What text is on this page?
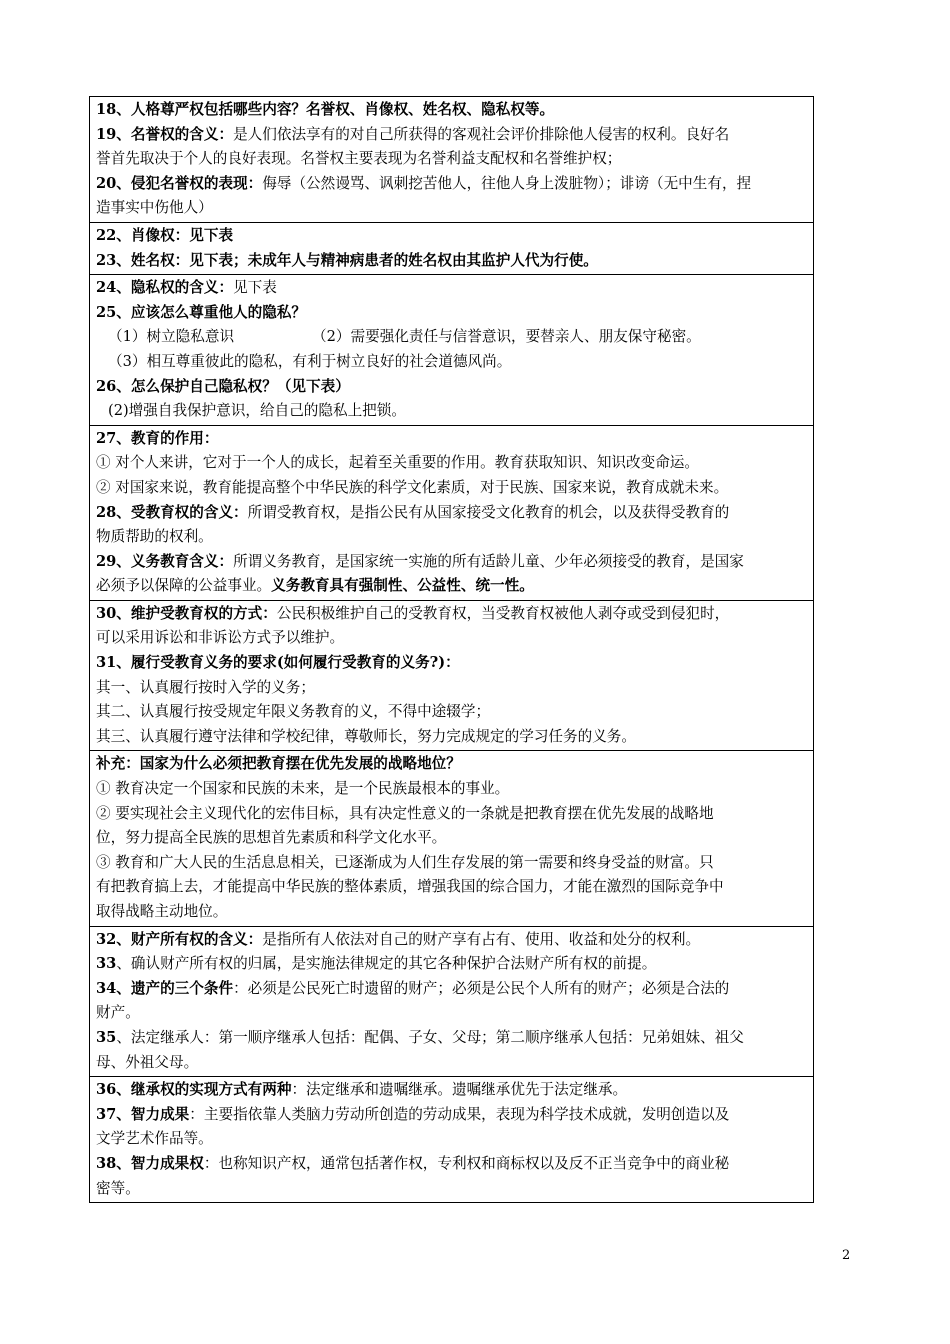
18、人格尊严权包括哪些内容？名誉权、肖像权、姓名权、隐私权等。

19、名誉权的含义：是人们依法享有的对自己所获得的客观社会评价排除他人侵害的权利。良好名

誉首先取决于个人的良好表现。名誉权主要表现为名誉利益支配权和名誉维护权；

20、侵犯名誉权的表现：侮辱（公然谩骂、讽刺挖苦他人，往他人身上泼脏物）；诽谤（无中生有，捏

造事实中伤他人）

22、肖像权：见下表

23、姓名权：见下表；未成年人与精神病患者的姓名权由其监护人代为行使。

24、隐私权的含义：见下表

25、应该怎么尊重他人的隐私？

（1）树立隐私意识	（2）需要强化责任与信誉意识，要替亲人、朋友保守秘密。

（3）相互尊重彼此的隐私，有利于树立良好的社会道德风尚。

26、怎么保护自己隐私权？（见下表）

(2)增强自我保护意识，给自己的隐私上把锁。

27、教育的作用：

① 对个人来讲，它对于一个人的成长，起着至关重要的作用。教育获取知识、知识改变命运。

② 对国家来说，教育能提高整个中华民族的科学文化素质，对于民族、国家来说，教育成就未来。

28、受教育权的含义：所谓受教育权，是指公民有从国家接受文化教育的机会，以及获得受教育的

物质帮助的权利。

29、义务教育含义：所谓义务教育，是国家统一实施的所有适龄儿童、少年必须接受的教育，是国家

必须予以保障的公益事业。义务教育具有强制性、公益性、统一性。

30、维护受教育权的方式：公民积极维护自己的受教育权，当受教育权被他人剥夺或受到侵犯时，

可以采用诉讼和非诉讼方式予以维护。

31、履行受教育义务的要求(如何履行受教育的义务?)：

其一、认真履行按时入学的义务；

其二、认真履行按受规定年限义务教育的义，不得中途辍学；

其三、认真履行遵守法律和学校纪律，尊敬师长，努力完成规定的学习任务的义务。

补充：国家为什么必须把教育摆在优先发展的战略地位？

① 教育决定一个国家和民族的未来，是一个民族最根本的事业。

② 要实现社会主义现代化的宏伟目标，具有决定性意义的一条就是把教育摆在优先发展的战略地

位，努力提高全民族的思想首先素质和科学文化水平。

③ 教育和广大人民的生活息息相关，已逐渐成为人们生存发展的第一需要和终身受益的财富。只

有把教育搞上去，才能提高中华民族的整体素质，增强我国的综合国力，才能在激烈的国际竞争中

取得战略主动地位。

32、财产所有权的含义：是指所有人依法对自己的财产享有占有、使用、收益和处分的权利。

33、确认财产所有权的归属，是实施法律规定的其它各种保护合法财产所有权的前提。

34、遗产的三个条件：必须是公民死亡时遗留的财产；必须是公民个人所有的财产；必须是合法的

财产。

35、法定继承人：第一顺序继承人包括：配偶、子女、父母；第二顺序继承人包括：兄弟姐妹、祖父

母、外祖父母。

36、继承权的实现方式有两种：法定继承和遗嘱继承。遗嘱继承优先于法定继承。

37、智力成果：主要指依靠人类脑力劳动所创造的劳动成果，表现为科学技术成就，发明创造以及

文学艺术作品等。

38、智力成果权：也称知识产权，通常包括著作权，专利权和商标权以及反不正当竞争中的商业秘

密等。

2
